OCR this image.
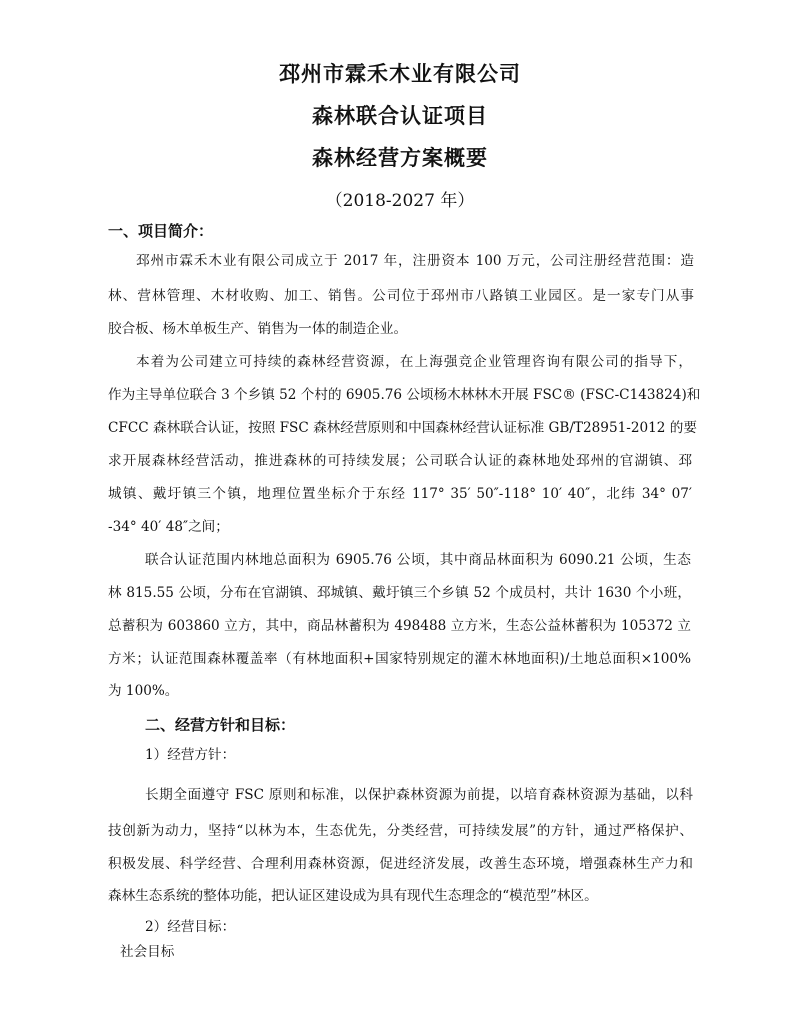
邳州市霖禾木业有限公司
森林联合认证项目
森林经营方案概要
（2018-2027 年）
一、项目简介：
邳州市霖禾木业有限公司成立于 2017 年，注册资本 100 万元，公司注册经营范围：造
林、营林管理、木材收购、加工、销售。公司位于邳州市八路镇工业园区。是一家专门从事
胶合板、杨木单板生产、销售为一体的制造企业。
本着为公司建立可持续的森林经营资源，在上海强竞企业管理咨询有限公司的指导下，
作为主导单位联合 3 个乡镇 52 个村的 6905.76 公顷杨木林林木开展 FSC® (FSC-C143824)和
CFCC 森林联合认证，按照 FSC 森林经营原则和中国森林经营认证标准 GB/T28951-2012 的要
求开展森林经营活动，推进森林的可持续发展；公司联合认证的森林地处邳州的官湖镇、邳
城镇、戴圩镇三个镇，地理位置坐标介于东经 117° 35′ 50″-118° 10′ 40″，北纬 34° 07′
-34° 40′ 48″之间；
联合认证范围内林地总面积为 6905.76 公顷，其中商品林面积为 6090.21 公顷，生态
林 815.55 公顷，分布在官湖镇、邳城镇、戴圩镇三个乡镇 52 个成员村，共计 1630 个小班，
总蓄积为 603860 立方，其中，商品林蓄积为 498488 立方米，生态公益林蓄积为 105372 立
方米；认证范围森林覆盖率（有林地面积+国家特别规定的灌木林地面积)/土地总面积×100%
为 100%。
二、经营方针和目标：
1）经营方针：
长期全面遵守 FSC 原则和标准，以保护森林资源为前提，以培育森林资源为基础，以科
技创新为动力，坚持“以林为本，生态优先，分类经营，可持续发展”的方针，通过严格保护、
积极发展、科学经营、合理利用森林资源，促进经济发展，改善生态环境，增强森林生产力和
森林生态系统的整体功能，把认证区建设成为具有现代生态理念的“模范型”林区。
2）经营目标：
社会目标
